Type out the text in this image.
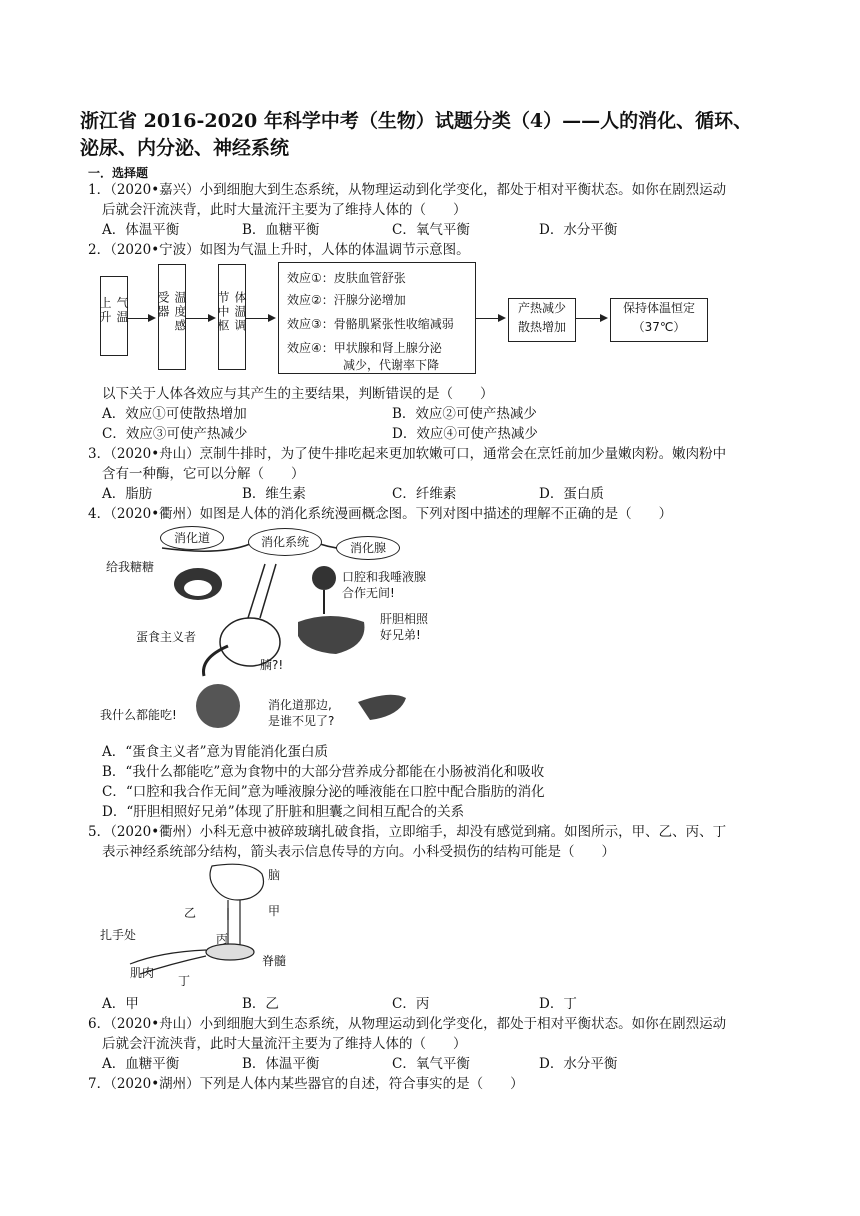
浙江省 2016-2020 年科学中考（生物）试题分类（4）——人的消化、循环、
泌尿、内分泌、神经系统
一．选择题
1．（2020•嘉兴）小到细胞大到生态系统，从物理运动到化学变化，都处于相对平衡状态。如你在剧烈运动
后就会汗流浃背，此时大量流汗主要为了维持人体的（　　）
A．体温平衡	B．血糖平衡	C．氧气平衡	D．水分平衡
2．（2020•宁波）如图为气温上升时，人体的体温调节示意图。
气温上升	温度感受器	体温调节中枢
效应①：皮肤血管舒张
效应②：汗腺分泌增加
效应③：骨骼肌紧张性收缩减弱
效应④：甲状腺和肾上腺分泌
减少，代谢率下降
产热减少
散热增加
保持体温恒定
（37℃）
以下关于人体各效应与其产生的主要结果，判断错误的是（　　）
A．效应①可使散热增加	B．效应②可使产热减少
C．效应③可使产热减少	D．效应④可使产热减少
3．（2020•舟山）烹制牛排时，为了使牛排吃起来更加软嫩可口，通常会在烹饪前加少量嫩肉粉。嫩肉粉中
含有一种酶，它可以分解（　　）
A．脂肪	B．维生素	C．纤维素	D．蛋白质
4．（2020•衢州）如图是人体的消化系统漫画概念图。下列对图中描述的理解不正确的是（　　）
消化道	消化系统	消化腺
给我糖糖
口腔和我唾液腺
合作无间!
蛋食主义者
肝胆相照
好兄弟!
腩?!
我什么都能吃!
消化道那边,
是谁不见了?
A．“蛋食主义者”意为胃能消化蛋白质
B．“我什么都能吃”意为食物中的大部分营养成分都能在小肠被消化和吸收
C．“口腔和我合作无间”意为唾液腺分泌的唾液能在口腔中配合脂肪的消化
D．“肝胆相照好兄弟”体现了肝脏和胆囊之间相互配合的关系
5．（2020•衢州）小科无意中被碎玻璃扎破食指，立即缩手，却没有感觉到痛。如图所示，甲、乙、丙、丁
表示神经系统部分结构，箭头表示信息传导的方向。小科受损伤的结构可能是（　　）
脑
甲
乙
丙
脊髓
扎手处
肌肉
丁
A．甲	B．乙	C．丙	D．丁
6．（2020•舟山）小到细胞大到生态系统，从物理运动到化学变化，都处于相对平衡状态。如你在剧烈运动
后就会汗流浃背，此时大量流汗主要为了维持人体的（　　）
A．血糖平衡	B．体温平衡	C．氧气平衡	D．水分平衡
7．（2020•湖州）下列是人体内某些器官的自述，符合事实的是（　　）
